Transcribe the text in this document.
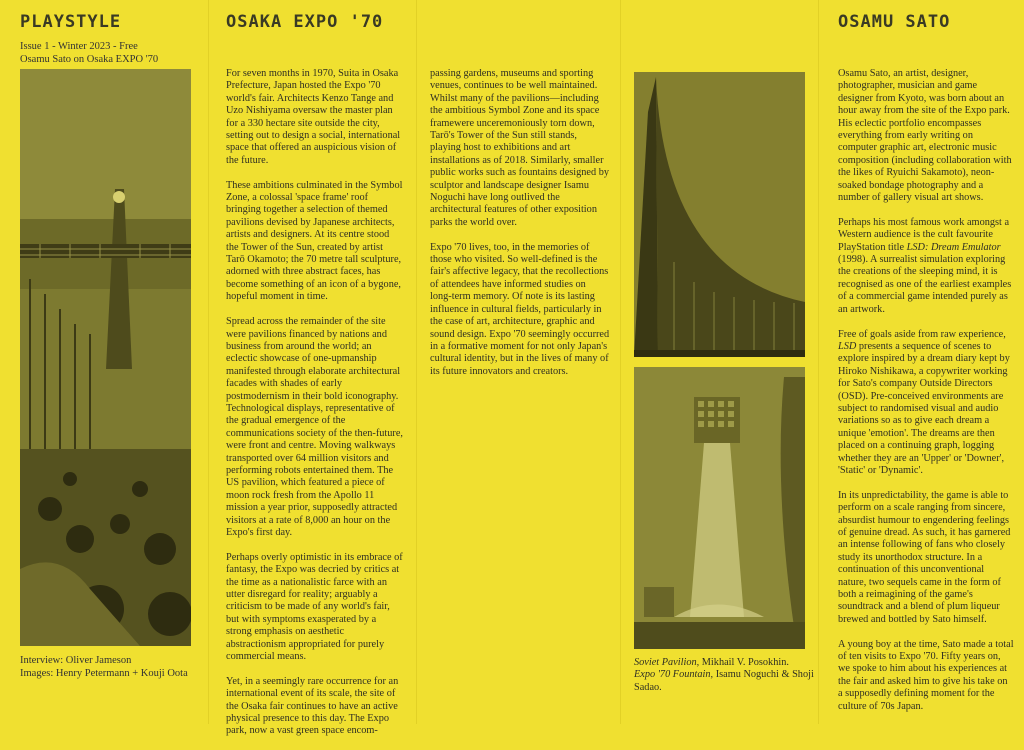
PLAYSTYLE
Issue 1 - Winter 2023 - Free
Osamu Sato on Osaka EXPO '70
Interview: Oliver Jameson
Images: Henry Petermann + Kouji Oota
OSAKA EXPO '70

For seven months in 1970, Suita in Osaka Prefecture, Japan hosted the Expo '70 world's fair. Architects Kenzo Tange and Uzo Nishiyama oversaw the master plan for a 330 hectare site outside the city, setting out to design a social, international space that offered an auspicious vision of the future.

These ambitions culminated in the Symbol Zone, a colossal 'space frame' roof bringing together a selection of themed pavilions devised by Japanese architects, artists and designers. At its centre stood the Tower of the Sun, created by artist Tarō Okamoto; the 70 metre tall sculpture, adorned with three abstract faces, has become something of an icon of a bygone, hopeful moment in time.

Spread across the remainder of the site were pavilions financed by nations and business from around the world; an eclectic showcase of one-upmanship manifested through elaborate architectural facades with shades of early postmodernism in their bold iconography. Technological displays, representative of the gradual emergence of the communications society of the then-future, were front and centre. Moving walkways transported over 64 million visitors and performing robots entertained them. The US pavilion, which featured a piece of moon rock fresh from the Apollo 11 mission a year prior, supposedly attracted visitors at a rate of 8,000 an hour on the Expo's first day.

Perhaps overly optimistic in its embrace of fantasy, the Expo was decried by critics at the time as a nationalistic farce with an utter disregard for reality; arguably a criticism to be made of any world's fair, but with symptoms exasperated by a strong emphasis on aesthetic abstractionism appropriated for purely commercial means.

Yet, in a seemingly rare occurrence for an international event of its scale, the site of the Osaka fair continues to have an active physical presence to this day. The Expo park, now a vast green space encom-

passing gardens, museums and sporting venues, continues to be well maintained. Whilst many of the pavilions—including the ambitious Symbol Zone and its space framewere unceremoniously torn down, Tarō's Tower of the Sun still stands, playing host to exhibitions and art installations as of 2018. Similarly, smaller public works such as fountains designed by sculptor and landscape designer Isamu Noguchi have long outlived the architectural features of other exposition parks the world over.

Expo '70 lives, too, in the memories of those who visited. So well-defined is the fair's affective legacy, that the recollections of attendees have informed studies on long-term memory. Of note is its lasting influence in cultural fields, particularly in the case of art, architecture, graphic and sound design. Expo '70 seemingly occurred in a formative moment for not only Japan's cultural identity, but in the lives of many of its future innovators and creators.

Soviet Pavilion, Mikhail V. Posokhin.
Expo '70 Fountain, Isamu Noguchi & Shoji Sadao.
OSAMU SATO

Osamu Sato, an artist, designer, photographer, musician and game designer from Kyoto, was born about an hour away from the site of the Expo park. His eclectic portfolio encompasses everything from early writing on computer graphic art, electronic music composition (including collaboration with the likes of Ryuichi Sakamoto), neon-soaked bondage photography and a number of gallery visual art shows.

Perhaps his most famous work amongst a Western audience is the cult favourite PlayStation title LSD: Dream Emulator (1998). A surrealist simulation exploring the creations of the sleeping mind, it is recognised as one of the earliest examples of a commercial game intended purely as an artwork.

Free of goals aside from raw experience, LSD presents a sequence of scenes to explore inspired by a dream diary kept by Hiroko Nishikawa, a copywriter working for Sato's company Outside Directors (OSD). Pre-conceived environments are subject to randomised visual and audio variations so as to give each dream a unique 'emotion'. The dreams are then placed on a continuing graph, logging whether they are an 'Upper' or 'Downer', 'Static' or 'Dynamic'.

In its unpredictability, the game is able to perform on a scale ranging from sincere, absurdist humour to engendering feelings of genuine dread. As such, it has garnered an intense following of fans who closely study its unorthodox structure. In a continuation of this unconventional nature, two sequels came in the form of both a reimagining of the game's soundtrack and a blend of plum liqueur brewed and bottled by Sato himself.

A young boy at the time, Sato made a total of ten visits to Expo '70. Fifty years on, we spoke to him about his experiences at the fair and asked him to give his take on a supposedly defining moment for the culture of 70s Japan.
